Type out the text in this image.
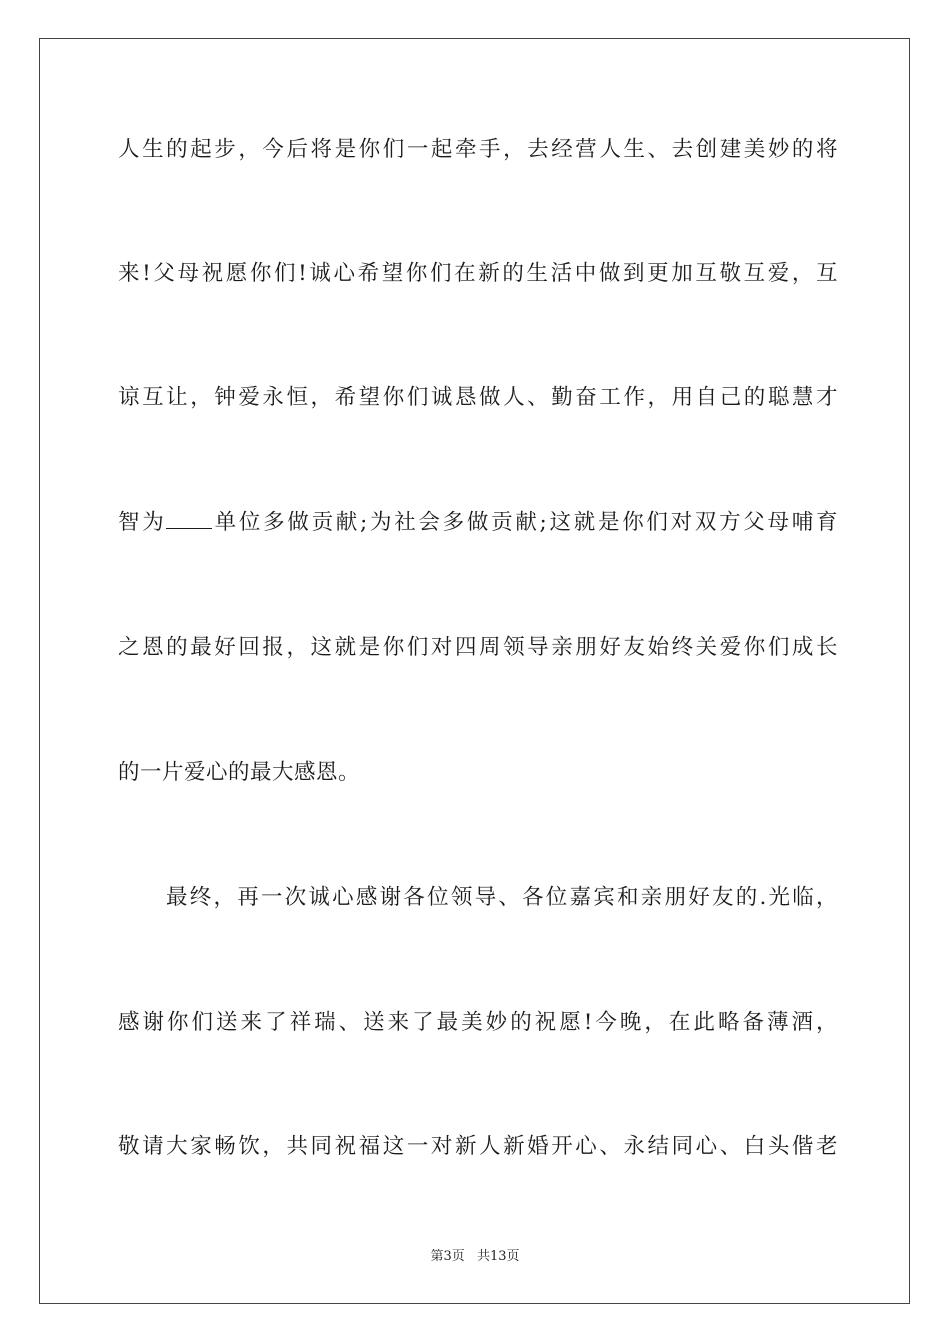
人生的起步，今后将是你们一起牵手，去经营人生、去创建美妙的将
来!父母祝愿你们!诚心希望你们在新的生活中做到更加互敬互爱，互
谅互让，钟爱永恒，希望你们诚恳做人、勤奋工作，用自己的聪慧才
智为 单位多做贡献;为社会多做贡献;这就是你们对双方父母哺育
之恩的最好回报，这就是你们对四周领导亲朋好友始终关爱你们成长
的一片爱心的最大感恩。
最终，再一次诚心感谢各位领导、各位嘉宾和亲朋好友的.光临，
感谢你们送来了祥瑞、送来了最美妙的祝愿!今晚，在此略备薄酒，
敬请大家畅饮，共同祝福这一对新人新婚开心、永结同心、白头偕老
第3页 共13页
